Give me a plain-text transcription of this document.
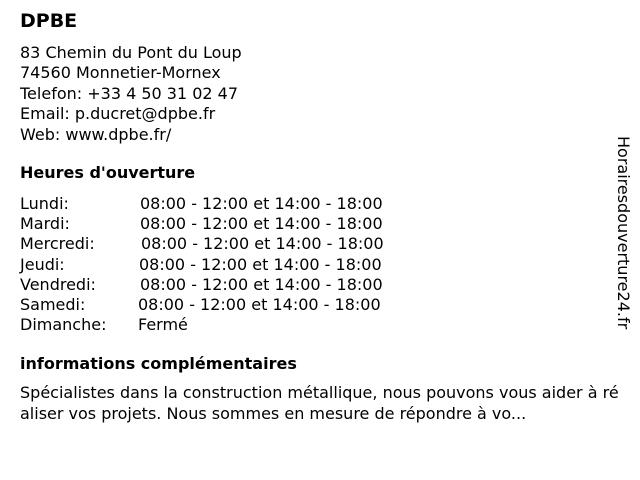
DPBE
83 Chemin du Pont du Loup
74560 Monnetier-Mornex
Telefon: +33 4 50 31 02 47
Email: p.ducret@dpbe.fr
Web: www.dpbe.fr/
Heures d'ouverture
Lundi:	08:00 - 12:00 et 14:00 - 18:00
Mardi:	08:00 - 12:00 et 14:00 - 18:00
Mercredi:	08:00 - 12:00 et 14:00 - 18:00
Jeudi:	08:00 - 12:00 et 14:00 - 18:00
Vendredi:	08:00 - 12:00 et 14:00 - 18:00
Samedi:	08:00 - 12:00 et 14:00 - 18:00
Dimanche: Fermé
informations complémentaires

Spécialistes dans la construction métallique, nous pouvons vous aider à réaliser vos projets. Nous sommes en mesure de répondre à vo...

Horairesdouverture24.fr
